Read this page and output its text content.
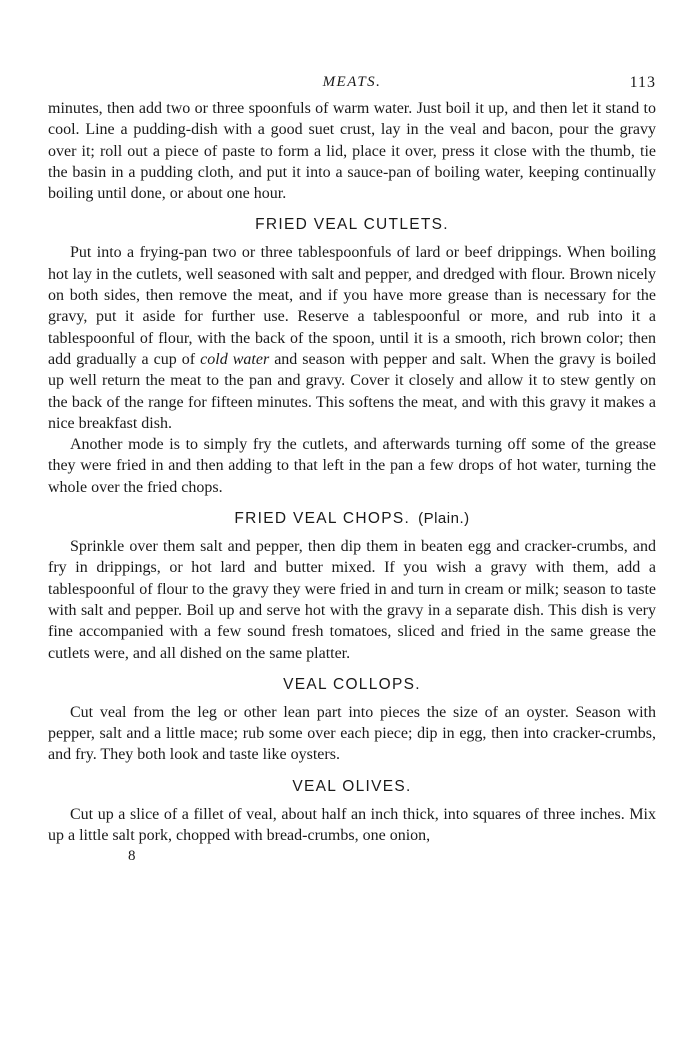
MEATS.	113

minutes, then add two or three spoonfuls of warm water. Just boil it up, and then let it stand to cool. Line a pudding-dish with a good suet crust, lay in the veal and bacon, pour the gravy over it; roll out a piece of paste to form a lid, place it over, press it close with the thumb, tie the basin in a pudding cloth, and put it into a sauce-pan of boiling water, keeping continually boiling until done, or about one hour.

FRIED VEAL CUTLETS.

Put into a frying-pan two or three tablespoonfuls of lard or beef drippings. When boiling hot lay in the cutlets, well seasoned with salt and pepper, and dredged with flour. Brown nicely on both sides, then remove the meat, and if you have more grease than is necessary for the gravy, put it aside for further use. Reserve a tablespoonful or more, and rub into it a tablespoonful of flour, with the back of the spoon, until it is a smooth, rich brown color; then add gradually a cup of cold water and season with pepper and salt. When the gravy is boiled up well return the meat to the pan and gravy. Cover it closely and allow it to stew gently on the back of the range for fifteen minutes. This softens the meat, and with this gravy it makes a nice breakfast dish.

Another mode is to simply fry the cutlets, and afterwards turning off some of the grease they were fried in and then adding to that left in the pan a few drops of hot water, turning the whole over the fried chops.

FRIED VEAL CHOPS. (Plain.)

Sprinkle over them salt and pepper, then dip them in beaten egg and cracker-crumbs, and fry in drippings, or hot lard and butter mixed. If you wish a gravy with them, add a tablespoonful of flour to the gravy they were fried in and turn in cream or milk; season to taste with salt and pepper. Boil up and serve hot with the gravy in a separate dish. This dish is very fine accompanied with a few sound fresh tomatoes, sliced and fried in the same grease the cutlets were, and all dished on the same platter.

VEAL COLLOPS.

Cut veal from the leg or other lean part into pieces the size of an oyster. Season with pepper, salt and a little mace; rub some over each piece; dip in egg, then into cracker-crumbs, and fry. They both look and taste like oysters.

VEAL OLIVES.

Cut up a slice of a fillet of veal, about half an inch thick, into squares of three inches. Mix up a little salt pork, chopped with bread-crumbs, one onion,

8
